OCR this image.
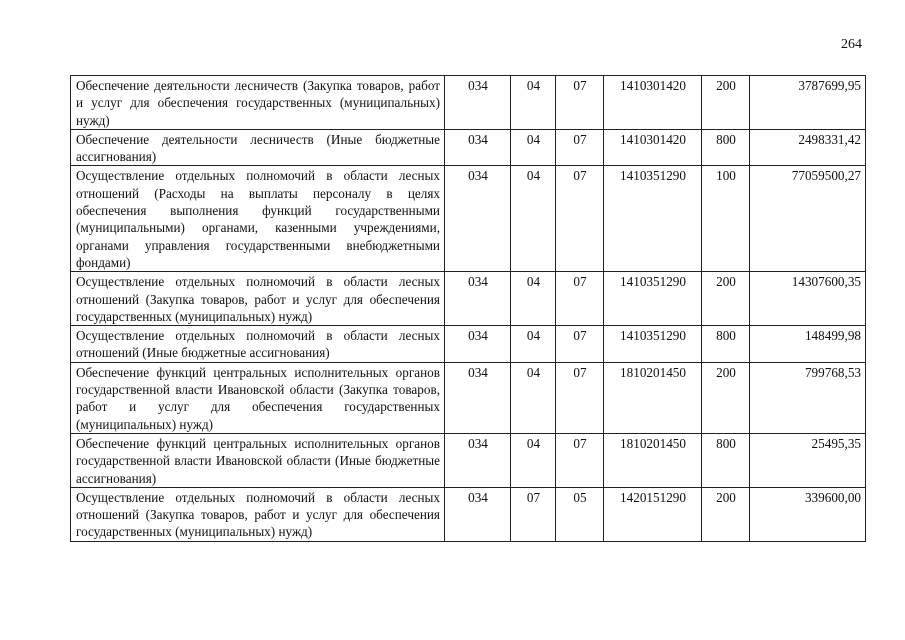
264
Обеспечение деятельности лесничеств (Закупка товаров, работ и услуг для обеспечения государственных (муниципальных) нужд)	034	04	07	1410301420	200	3787699,95
Обеспечение деятельности лесничеств (Иные бюджетные ассигнования)	034	04	07	1410301420	800	2498331,42
Осуществление отдельных полномочий в области лесных отношений (Расходы на выплаты персоналу в целях обеспечения выполнения функций государственными (муниципальными) органами, казенными учреждениями, органами управления государственными внебюджетными фондами)	034	04	07	1410351290	100	77059500,27
Осуществление отдельных полномочий в области лесных отношений (Закупка товаров, работ и услуг для обеспечения государственных (муниципальных) нужд)	034	04	07	1410351290	200	14307600,35
Осуществление отдельных полномочий в области лесных отношений (Иные бюджетные ассигнования)	034	04	07	1410351290	800	148499,98
Обеспечение функций центральных исполнительных органов государственной власти Ивановской области (Закупка товаров, работ и услуг для обеспечения государственных (муниципальных) нужд)	034	04	07	1810201450	200	799768,53
Обеспечение функций центральных исполнительных органов государственной власти Ивановской области (Иные бюджетные ассигнования)	034	04	07	1810201450	800	25495,35
Осуществление отдельных полномочий в области лесных отношений (Закупка товаров, работ и услуг для обеспечения государственных (муниципальных) нужд)	034	07	05	1420151290	200	339600,00
